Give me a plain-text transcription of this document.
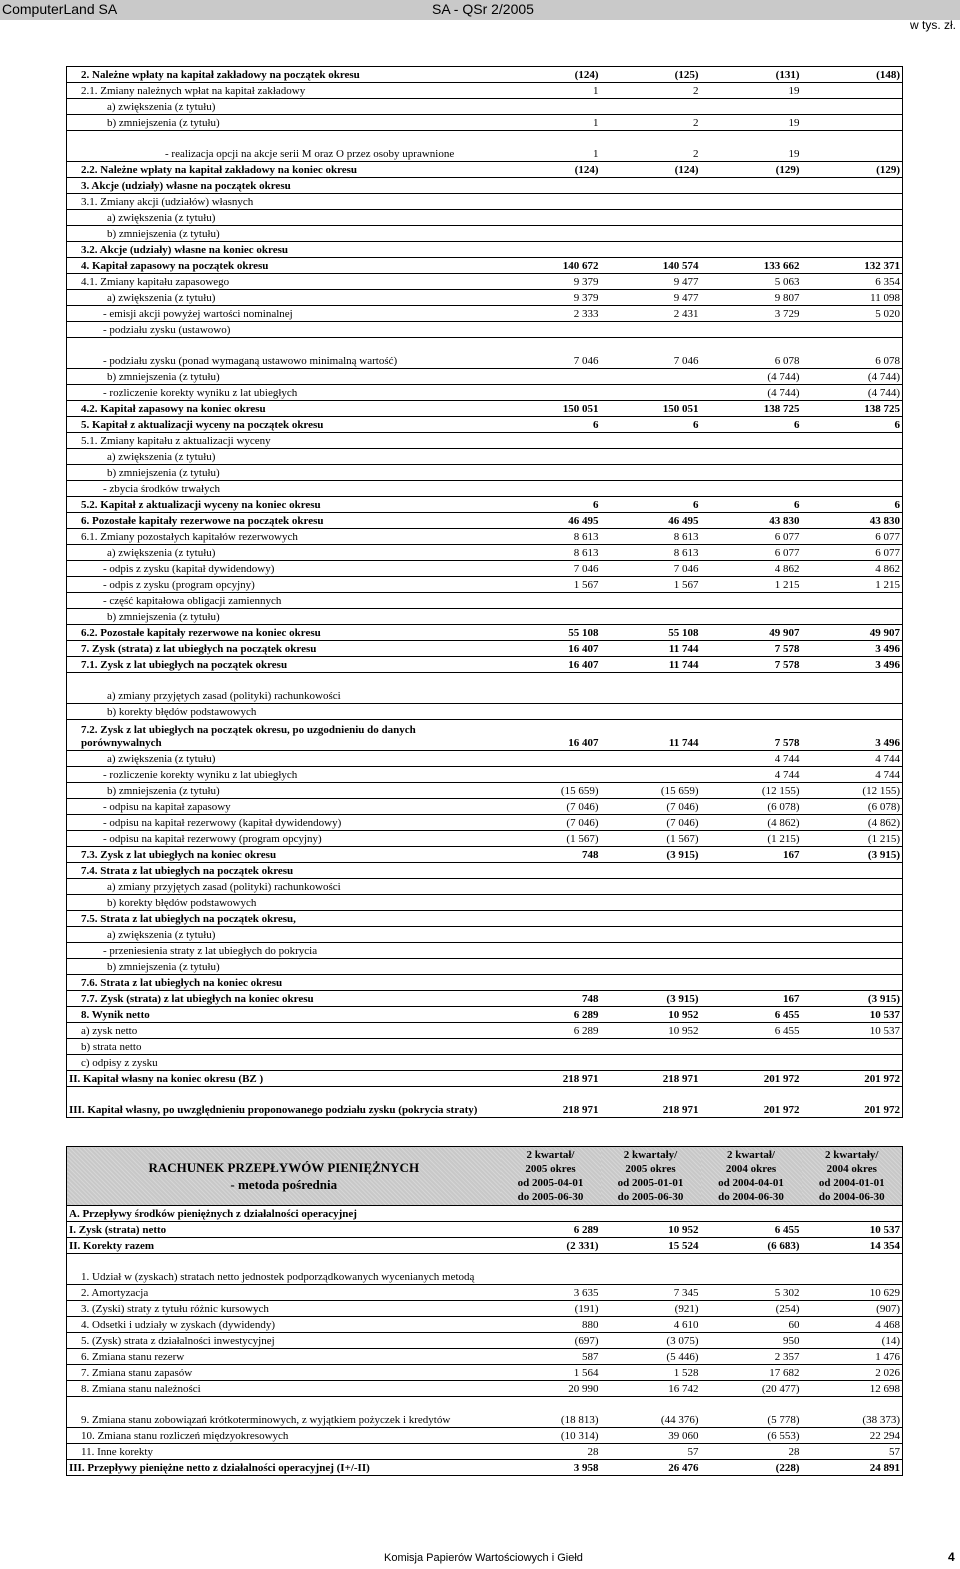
ComputerLand SA	SA - QSr 2/2005
w tys. zł.
2. Należne wpłaty na kapitał zakładowy na początek okresu	(124)	(125)	(131)	(148)
2.1. Zmiany należnych wpłat na kapitał zakładowy	1	2	19	
a) zwiększenia (z tytułu)				
b) zmniejszenia (z tytułu)	1	2	19	
- realizacja opcji na akcje serii M oraz O przez osoby uprawnione	1	2	19	
2.2. Należne wpłaty na kapitał zakładowy na koniec okresu	(124)	(124)	(129)	(129)
3. Akcje (udziały) własne na początek okresu				
3.1. Zmiany akcji (udziałów) własnych				
a) zwiększenia (z tytułu)				
b) zmniejszenia (z tytułu)				
3.2. Akcje (udziały) własne na koniec okresu				
4. Kapitał zapasowy na początek okresu	140 672	140 574	133 662	132 371
4.1. Zmiany kapitału zapasowego	9 379	9 477	5 063	6 354
a) zwiększenia (z tytułu)	9 379	9 477	9 807	11 098
- emisji akcji powyżej wartości nominalnej	2 333	2 431	3 729	5 020
- podziału zysku (ustawowo)				
- podziału zysku (ponad wymaganą ustawowo minimalną wartość)	7 046	7 046	6 078	6 078
b) zmniejszenia (z tytułu)			(4 744)	(4 744)
- rozliczenie korekty wyniku z lat ubiegłych			(4 744)	(4 744)
4.2. Kapitał zapasowy na koniec okresu	150 051	150 051	138 725	138 725
5. Kapitał z aktualizacji wyceny na początek okresu	6	6	6	6
5.1. Zmiany kapitału z aktualizacji wyceny				
a) zwiększenia (z tytułu)				
b) zmniejszenia (z tytułu)				
- zbycia środków trwałych				
5.2. Kapitał z aktualizacji wyceny na koniec okresu	6	6	6	6
6. Pozostałe kapitały rezerwowe na początek okresu	46 495	46 495	43 830	43 830
6.1. Zmiany pozostałych kapitałów rezerwowych	8 613	8 613	6 077	6 077
a) zwiększenia (z tytułu)	8 613	8 613	6 077	6 077
- odpis z zysku (kapitał dywidendowy)	7 046	7 046	4 862	4 862
- odpis z zysku (program opcyjny)	1 567	1 567	1 215	1 215
- część kapitałowa obligacji zamiennych				
b) zmniejszenia (z tytułu)				
6.2. Pozostałe kapitały rezerwowe na koniec okresu	55 108	55 108	49 907	49 907
7. Zysk (strata) z lat ubiegłych na początek okresu	16 407	11 744	7 578	3 496
7.1. Zysk z lat ubiegłych na początek okresu	16 407	11 744	7 578	3 496
a) zmiany przyjętych zasad (polityki) rachunkowości				
b) korekty błędów podstawowych				
7.2. Zysk z lat ubiegłych na początek okresu, po uzgodnieniu do danych porównywalnych	16 407	11 744	7 578	3 496
a) zwiększenia (z tytułu)			4 744	4 744
- rozliczenie korekty wyniku z lat ubiegłych			4 744	4 744
b) zmniejszenia (z tytułu)	(15 659)	(15 659)	(12 155)	(12 155)
- odpisu na kapitał zapasowy	(7 046)	(7 046)	(6 078)	(6 078)
- odpisu na kapitał rezerwowy (kapitał dywidendowy)	(7 046)	(7 046)	(4 862)	(4 862)
- odpisu na kapitał rezerwowy (program opcyjny)	(1 567)	(1 567)	(1 215)	(1 215)
7.3. Zysk z lat ubiegłych na koniec okresu	748	(3 915)	167	(3 915)
7.4. Strata z lat ubiegłych na początek okresu				
a) zmiany przyjętych zasad (polityki) rachunkowości				
b) korekty błędów podstawowych				
7.5. Strata z lat ubiegłych na początek okresu,				
a) zwiększenia (z tytułu)				
- przeniesienia straty z lat ubiegłych do pokrycia				
b) zmniejszenia (z tytułu)				
7.6. Strata z lat ubiegłych na koniec okresu				
7.7. Zysk (strata) z lat ubiegłych na koniec okresu	748	(3 915)	167	(3 915)
8. Wynik netto	6 289	10 952	6 455	10 537
a) zysk netto	6 289	10 952	6 455	10 537
b) strata netto				
c) odpisy z zysku				
II. Kapitał własny na koniec okresu (BZ )	218 971	218 971	201 972	201 972
III. Kapitał własny, po uwzględnieniu proponowanego podziału zysku (pokrycia straty)	218 971	218 971	201 972	201 972
RACHUNEK PRZEPŁYWÓW PIENIĘŻNYCH
- metoda pośrednia	2 kwartał/
2005 okres
od 2005-04-01
do 2005-06-30	2 kwartały/
2005 okres
od 2005-01-01
do 2005-06-30	2 kwartał/
2004 okres
od 2004-04-01
do 2004-06-30	2 kwartały/
2004 okres
od 2004-01-01
do 2004-06-30
A. Przepływy środków pieniężnych z działalności operacyjnej				
I. Zysk (strata) netto	6 289	10 952	6 455	10 537
II. Korekty razem	(2 331)	15 524	(6 683)	14 354
1. Udział w (zyskach) stratach netto jednostek podporządkowanych wycenianych metodą				
2. Amortyzacja	3 635	7 345	5 302	10 629
3. (Zyski) straty z tytułu różnic kursowych	(191)	(921)	(254)	(907)
4. Odsetki i udziały w zyskach (dywidendy)	880	4 610	60	4 468
5. (Zysk) strata z działalności inwestycyjnej	(697)	(3 075)	950	(14)
6. Zmiana stanu rezerw	587	(5 446)	2 357	1 476
7. Zmiana stanu zapasów	1 564	1 528	17 682	2 026
8. Zmiana stanu należności	20 990	16 742	(20 477)	12 698
9. Zmiana stanu zobowiązań krótkoterminowych, z wyjątkiem pożyczek i kredytów	(18 813)	(44 376)	(5 778)	(38 373)
10. Zmiana stanu rozliczeń międzyokresowych	(10 314)	39 060	(6 553)	22 294
11. Inne korekty	28	57	28	57
III. Przepływy pieniężne netto z działalności operacyjnej (I+/-II)	3 958	26 476	(228)	24 891
Komisja Papierów Wartościowych i Giełd	4
